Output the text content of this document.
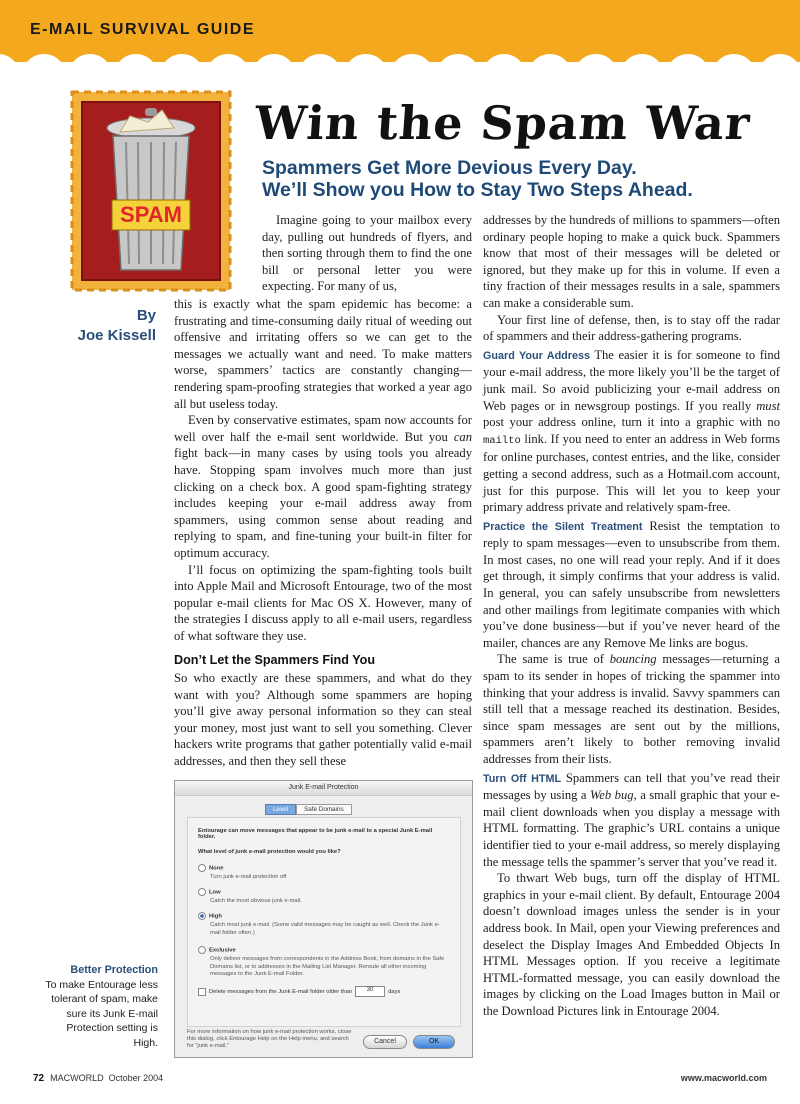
E-MAIL SURVIVAL GUIDE
SPAM
Win the Spam War
Spammers Get More Devious Every Day.
We’ll Show you How to Stay Two Steps Ahead.
By
Joe Kissell

Imagine going to your mailbox every day, pulling out hundreds of flyers, and then sorting through them to find the one bill or personal letter you were expecting. For many of us,

this is exactly what the spam epidemic has become: a frustrating and time-consuming daily ritual of weeding out offensive and irritating offers so we can get to the messages we actually want and need. To make matters worse, spammers’ tactics are constantly changing—rendering spam-proofing strategies that worked a year ago all but useless today.

Even by conservative estimates, spam now accounts for well over half the e-mail sent worldwide. But you can fight back—in many cases by using tools you already have. Stopping spam involves much more than just clicking on a check box. A good spam-fighting strategy includes keeping your e-mail address away from spammers, using common sense about reading and replying to spam, and fine-tuning your built-in filter for optimum accuracy.

I’ll focus on optimizing the spam-fighting tools built into Apple Mail and Microsoft Entourage, two of the most popular e-mail clients for Mac OS X. However, many of the strategies I discuss apply to all e-mail users, regardless of what software they use.

Don’t Let the Spammers Find You

So who exactly are these spammers, and what do they want with you? Although some spammers are hoping you’ll give away personal information so they can steal your money, most just want to sell you something. Clever hackers write programs that gather potentially valid e-mail addresses, and then they sell these

addresses by the hundreds of millions to spammers—often ordinary people hoping to make a quick buck. Spammers know that most of their messages will be deleted or ignored, but they make up for this in volume. If even a tiny fraction of their messages results in a sale, spammers can make a considerable sum.

Your first line of defense, then, is to stay off the radar of spammers and their address-gathering programs.

Guard Your Address The easier it is for someone to find your e-mail address, the more likely you’ll be the target of junk mail. So avoid publicizing your e-mail address on Web pages or in newsgroup postings. If you really must post your address online, turn it into a graphic with no mailto link. If you need to enter an address in Web forms for online purchases, contest entries, and the like, consider getting a second address, such as a Hotmail.com account, just for this purpose. This will let you to keep your primary address private and relatively spam-free.

Practice the Silent Treatment Resist the temptation to reply to spam messages—even to unsubscribe from them. In most cases, no one will read your reply. And if it does get through, it simply confirms that your address is valid. In general, you can safely unsubscribe from newsletters and other mailings from legitimate companies with which you’ve done business—but if you’ve never heard of the mailer, chances are any Remove Me links are bogus.

The same is true of bouncing messages—returning a spam to its sender in hopes of tricking the spammer into thinking that your address is invalid. Savvy spammers can still tell that a message reached its destination. Besides, since spam messages are sent out by the millions, spammers aren’t likely to bother removing invalid addresses from their lists.

Turn Off HTML Spammers can tell that you’ve read their messages by using a Web bug, a small graphic that your e-mail client downloads when you display a message with HTML formatting. The graphic’s URL contains a unique identifier tied to your e-mail address, so merely displaying the message tells the spammer’s server that you’ve read it.

To thwart Web bugs, turn off the display of HTML graphics in your e-mail client. By default, Entourage 2004 doesn’t download images unless the sender is in your address book. In Mail, open your Viewing preferences and deselect the Display Images And Embedded Objects In HTML Messages option. If you receive a legitimate HTML-formatted message, you can easily download the images by clicking on the Load Images button in Mail or the Download Pictures link in Entourage 2004.

Junk E-mail Protection
Level	Safe Domains
Entourage can move messages that appear to be junk e-mail to a special Junk E-mail folder.
What level of junk e-mail protection would you like?
None
Turn junk e-mail protection off
Low
Catch the most obvious junk e-mail.
High
Catch most junk e-mail. (Some valid messages may be caught as well. Check the Junk e-mail folder often.)
Exclusive
Only deliver messages from correspondents in the Address Book, from domains in the Safe Domains list, or to addresses in the Mailing List Manager. Reroute all other incoming messages to the Junk E-mail Folder.
Delete messages from the Junk E-mail folder older than 30	days
For more information on how junk e-mail protection works, close this dialog, click Entourage Help on the Help menu, and search for "junk e-mail."
Cancel	OK
Better Protection
To make Entourage less tolerant of spam, make sure its Junk E-mail Protection setting is High.
72 MACWORLD October 2004	www.macworld.com
